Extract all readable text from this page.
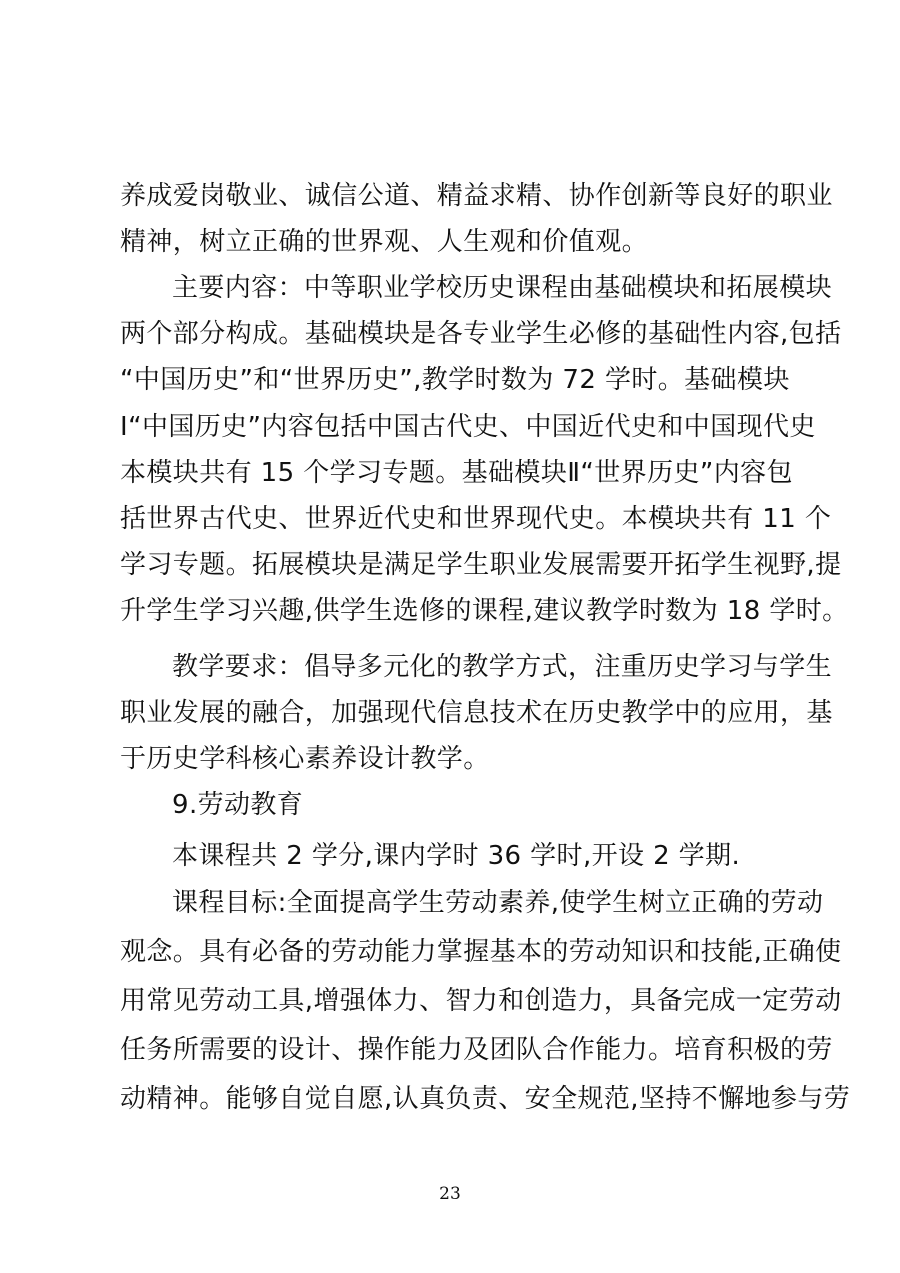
养成爱岗敬业、诚信公道、精益求精、协作创新等良好的职业

精神，树立正确的世界观、人生观和价值观。

主要内容：中等职业学校历史课程由基础模块和拓展模块

两个部分构成。基础模块是各专业学生必修的基础性内容,包括

“中国历史”和“世界历史”,教学时数为 72 学时。基础模块

I“中国历史”内容包括中国古代史、中国近代史和中国现代史

本模块共有 15 个学习专题。基础模块Ⅱ“世界历史”内容包

括世界古代史、世界近代史和世界现代史。本模块共有 11 个

学习专题。拓展模块是满足学生职业发展需要开拓学生视野,提

升学生学习兴趣,供学生选修的课程,建议教学时数为 18 学时。

教学要求：倡导多元化的教学方式，注重历史学习与学生

职业发展的融合，加强现代信息技术在历史教学中的应用，基

于历史学科核心素养设计教学。

9.劳动教育

本课程共 2 学分,课内学时 36 学时,开设 2 学期.

课程目标:全面提高学生劳动素养,使学生树立正确的劳动

观念。具有必备的劳动能力掌握基本的劳动知识和技能,正确使

用常见劳动工具,增强体力、智力和创造力，具备完成一定劳动

任务所需要的设计、操作能力及团队合作能力。培育积极的劳

动精神。能够自觉自愿,认真负责、安全规范,坚持不懈地参与劳

23
